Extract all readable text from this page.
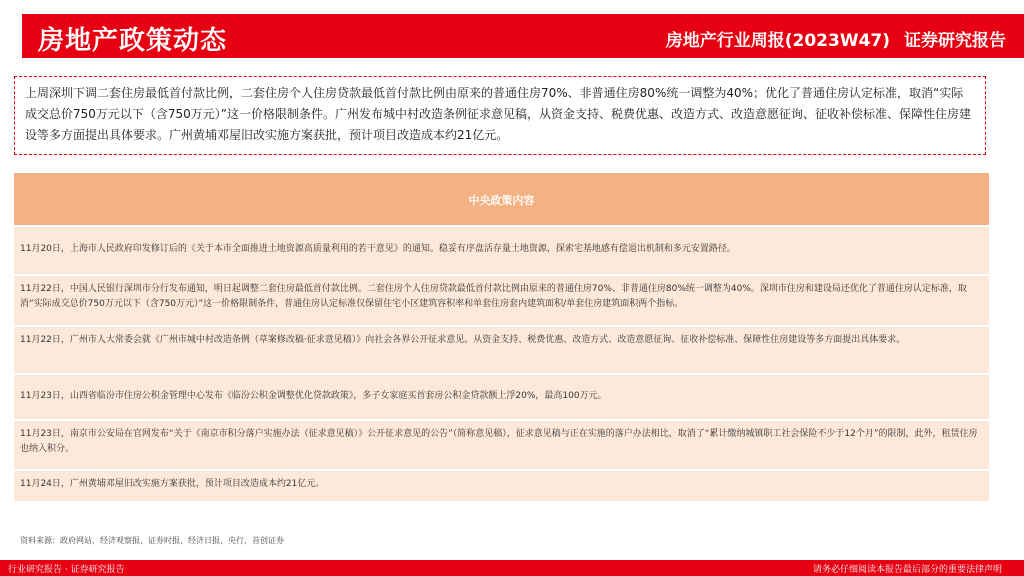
房地产政策动态	房地产行业周报(2023W47) 证券研究报告
上周深圳下调二套住房最低首付款比例，二套住房个人住房贷款最低首付款比例由原来的普通住房70%、非普通住房80%统一调整为40%；优化了普通住房认定标准，取消“实际成交总价750万元以下（含750万元）”这一价格限制条件。广州发布城中村改造条例征求意见稿，从资金支持、税费优惠、改造方式、改造意愿征询、征收补偿标准、保障性住房建设等多方面提出具体要求。广州黄埔邓屋旧改实施方案获批，预计项目改造成本约21亿元。
中央政策内容
11月20日，上海市人民政府印发修订后的《关于本市全面推进土地资源高质量利用的若干意见》的通知。稳妥有序盘活存量土地资源，探索宅基地感有偿退出机制和多元安置路径。
11月22日，中国人民银行深圳市分行发布通知，明日起调整二套住房最低首付款比例。二套住房个人住房贷款最低首付款比例由原来的普通住房70%、非普通住房80%统一调整为40%。深圳市住房和建设局还优化了普通住房认定标准，取消“实际成交总价750万元以下（含750万元）”这一价格限制条件，普通住房认定标准仅保留住宅小区建筑容积率和单套住房套内建筑面积/单套住房建筑面积两个指标。
11月22日，广州市人大常委会就《广州市城中村改造条例（草案修改稿·征求意见稿）》向社会各界公开征求意见。从资金支持、税费优惠、改造方式、改造意愿征询、征收补偿标准、保障性住房建设等多方面提出具体要求。
11月23日，山西省临汾市住房公积金管理中心发布《临汾公积金调整优化贷款政策》，多子女家庭买首套房公积金贷款额上浮20%，最高100万元。
11月23日，南京市公安局在官网发布“关于《南京市积分落户实施办法（征求意见稿）》公开征求意见的公告”（简称意见稿），征求意见稿与正在实施的落户办法相比，取消了“累计缴纳城镇职工社会保险不少于12个月”的限制，此外，租赁住房也纳入积分。
11月24日，广州黄埔邓屋旧改实施方案获批，预计项目改造成本约21亿元。
资料来源：政府网站，经济观察报，证券时报，经济日报，央行，首创证券
行业研究报告 · 证券研究报告	请务必仔细阅读本报告最后部分的重要法律声明
